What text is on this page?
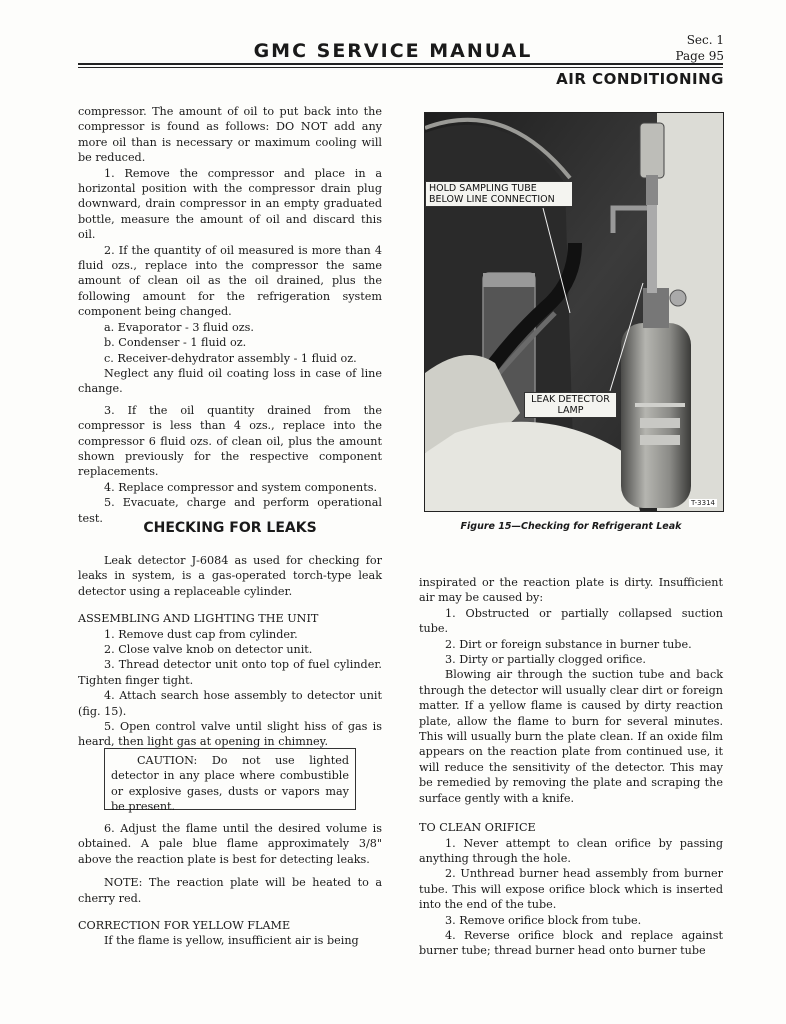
GMC SERVICE MANUAL	Sec. 1
Page 95
AIR CONDITIONING

compressor. The amount of oil to put back into the compressor is found as follows: DO NOT add any more oil than is necessary or maximum cooling will be reduced.

1. Remove the compressor and place in a horizontal position with the compressor drain plug downward, drain compressor in an empty graduated bottle, measure the amount of oil and discard this oil.

2. If the quantity of oil measured is more than 4 fluid ozs., replace into the compressor the same amount of clean oil as the oil drained, plus the following amount for the refrigeration system component being changed.

a. Evaporator - 3 fluid ozs.

b. Condenser - 1 fluid oz.

c. Receiver-dehydrator assembly - 1 fluid oz.

Neglect any fluid oil coating loss in case of line change.

3. If the oil quantity drained from the compressor is less than 4 ozs., replace into the compressor 6 fluid ozs. of clean oil, plus the amount shown previously for the respective component replacements.

4. Replace compressor and system components.

5. Evacuate, charge and perform operational test.

CHECKING FOR LEAKS

Leak detector J-6084 as used for checking for leaks in system, is a gas-operated torch-type leak detector using a replaceable cylinder.

ASSEMBLING AND LIGHTING THE UNIT

1. Remove dust cap from cylinder.

2. Close valve knob on detector unit.

3. Thread detector unit onto top of fuel cylinder. Tighten finger tight.

4. Attach search hose assembly to detector unit (fig. 15).

5. Open control valve until slight hiss of gas is heard, then light gas at opening in chimney.

CAUTION: Do not use lighted detector in any place where combustible or explosive gases, dusts or vapors may be present.

6. Adjust the flame until the desired volume is obtained. A pale blue flame approximately 3/8" above the reaction plate is best for detecting leaks.

NOTE: The reaction plate will be heated to a cherry red.

CORRECTION FOR YELLOW FLAME

If the flame is yellow, insufficient air is being

HOLD SAMPLING TUBE BELOW LINE CONNECTION
LEAK DETECTOR LAMP
T-3314
Figure 15—Checking for Refrigerant Leak

inspirated or the reaction plate is dirty. Insufficient air may be caused by:

1. Obstructed or partially collapsed suction tube.

2. Dirt or foreign substance in burner tube.

3. Dirty or partially clogged orifice.

Blowing air through the suction tube and back through the detector will usually clear dirt or foreign matter. If a yellow flame is caused by dirty reaction plate, allow the flame to burn for several minutes. This will usually burn the plate clean. If an oxide film appears on the reaction plate from continued use, it will reduce the sensitivity of the detector. This may be remedied by removing the plate and scraping the surface gently with a knife.

TO CLEAN ORIFICE

1. Never attempt to clean orifice by passing anything through the hole.

2. Unthread burner head assembly from burner tube. This will expose orifice block which is inserted into the end of the tube.

3. Remove orifice block from tube.

4. Reverse orifice block and replace against burner tube; thread burner head onto burner tube
